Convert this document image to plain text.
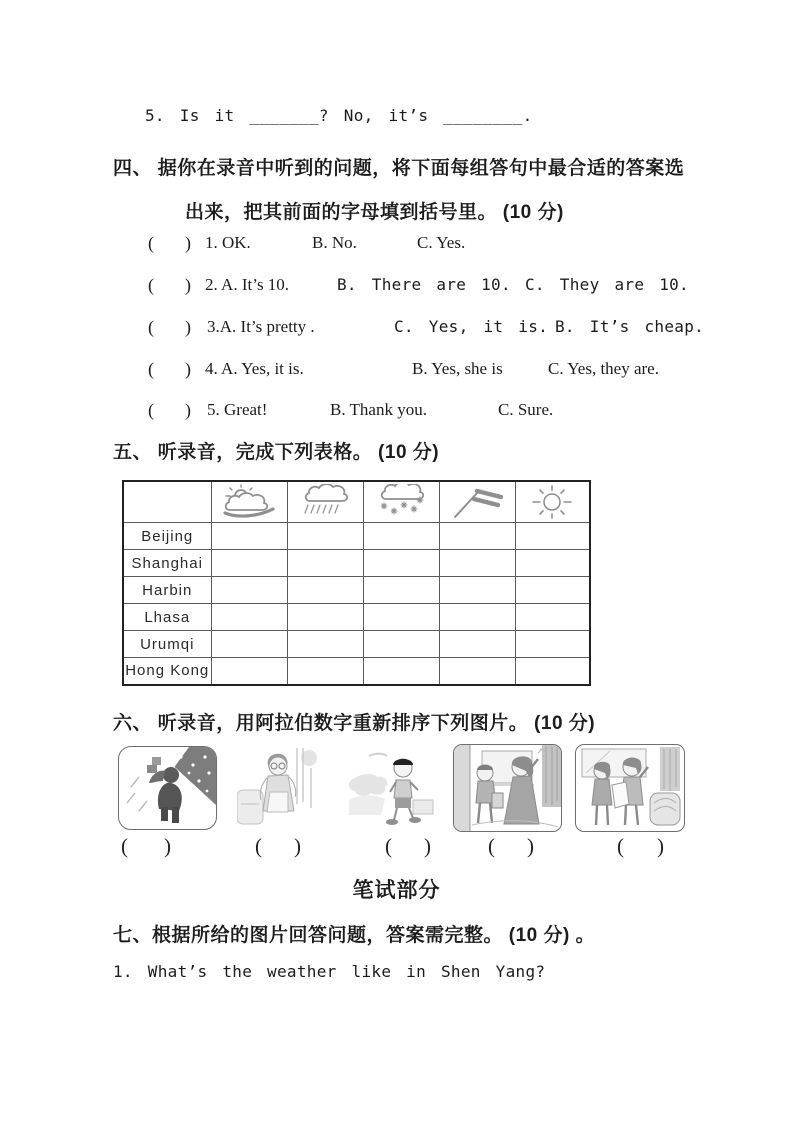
5. Is it _______? No, it’s ________.
四、 据你在录音中听到的问题，将下面每组答句中最合适的答案选
出来，把其前面的字母填到括号里。 (10 分)
( ) 1. OK.	B. No.	C. Yes.
( ) 2. A. It’s 10.	B. There are 10. C. They are 10.
( ) 3.A. It’s pretty .	C. Yes, it is. B. It’s cheap.
( ) 4. A. Yes, it is.	B. Yes, she is	C. Yes, they are.
( ) 5. Great!	B. Thank you.	C. Sure.
五、 听录音，完成下列表格。 (10 分)

Beijing					
Shanghai					
Harbin					
Lhasa					
Urumqi					
Hong Kong					
六、 听录音，用阿拉伯数字重新排序下列图片。 (10 分)
( )	( )	( )	( )	( )
笔试部分
七、根据所给的图片回答问题，答案需完整。 (10 分) 。
1. What’s the weather like in Shen Yang?
